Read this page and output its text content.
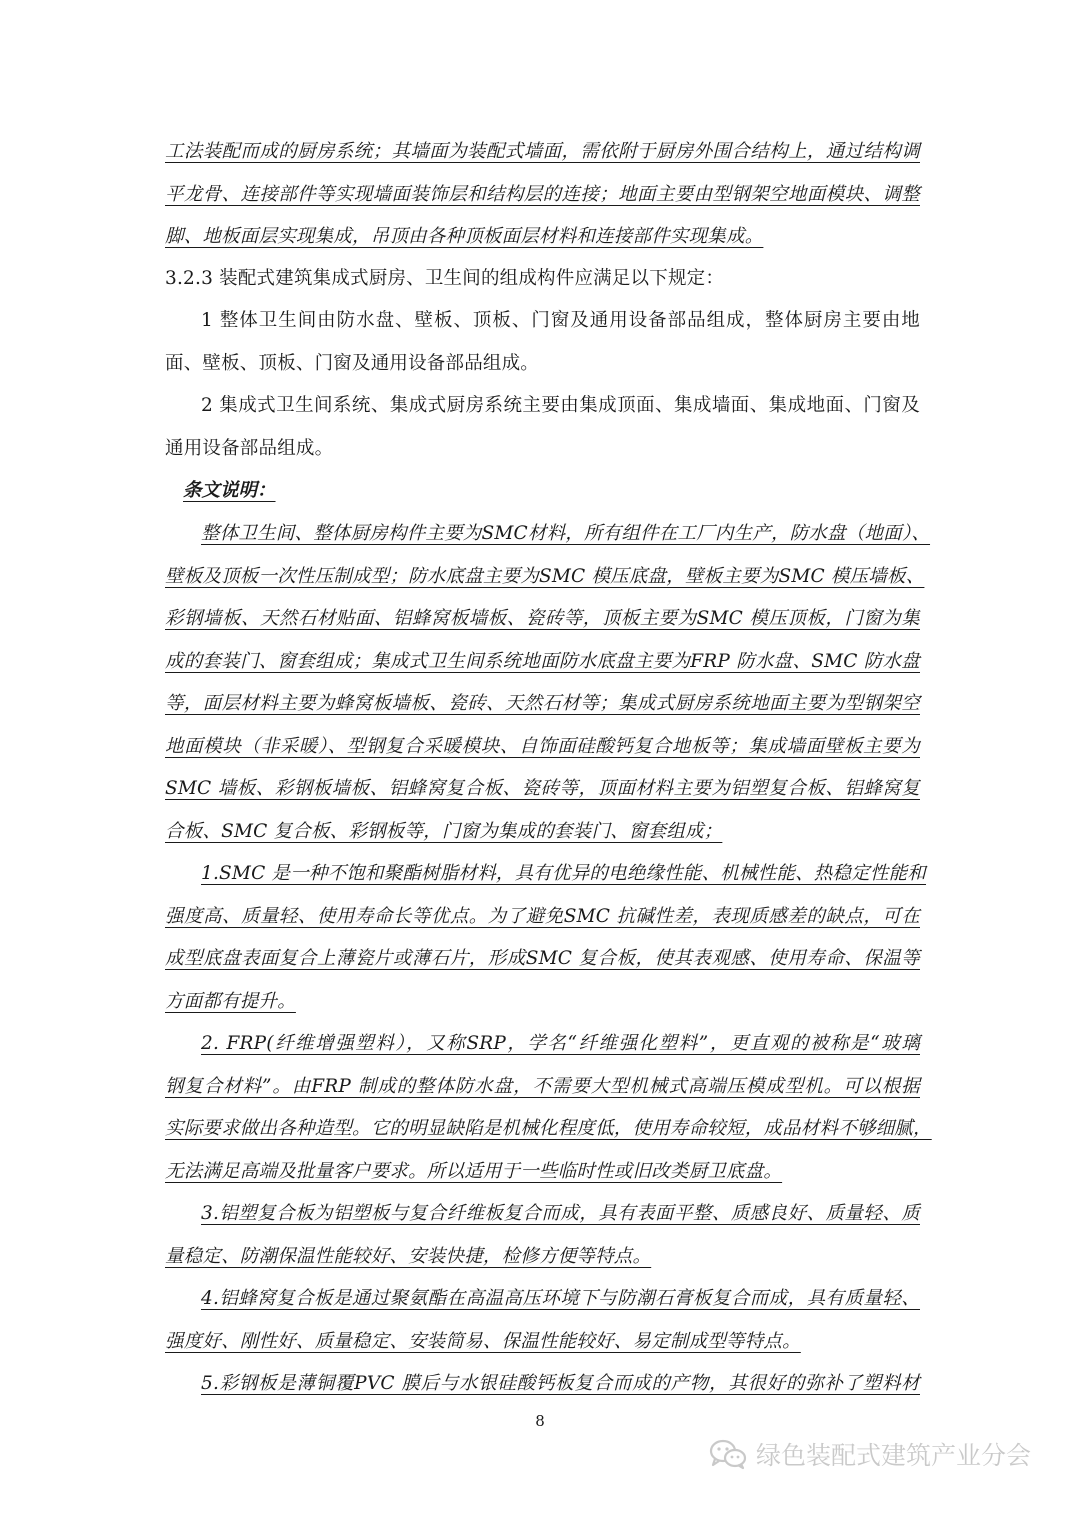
工法装配而成的厨房系统；其墙面为装配式墙面，需依附于厨房外围合结构上，通过结构调
平龙骨、连接部件等实现墙面装饰层和结构层的连接；地面主要由型钢架空地面模块、调整
脚、地板面层实现集成，吊顶由各种顶板面层材料和连接部件实现集成。
3.2.3 装配式建筑集成式厨房、卫生间的组成构件应满足以下规定：
1 整体卫生间由防水盘、壁板、顶板、门窗及通用设备部品组成，整体厨房主要由地
面、壁板、顶板、门窗及通用设备部品组成。
2 集成式卫生间系统、集成式厨房系统主要由集成顶面、集成墙面、集成地面、门窗及
通用设备部品组成。

条文说明：

整体卫生间、整体厨房构件主要为SMC材料，所有组件在工厂内生产，防水盘（地面）、
壁板及顶板一次性压制成型；防水底盘主要为SMC 模压底盘，壁板主要为SMC 模压墙板、
彩钢墙板、天然石材贴面、铝蜂窝板墙板、瓷砖等，顶板主要为SMC 模压顶板，门窗为集
成的套装门、窗套组成；集成式卫生间系统地面防水底盘主要为FRP 防水盘、SMC 防水盘
等，面层材料主要为蜂窝板墙板、瓷砖、天然石材等；集成式厨房系统地面主要为型钢架空
地面模块（非采暖）、型钢复合采暖模块、自饰面硅酸钙复合地板等；集成墙面壁板主要为
SMC 墙板、彩钢板墙板、铝蜂窝复合板、瓷砖等，顶面材料主要为铝塑复合板、铝蜂窝复
合板、SMC 复合板、彩钢板等，门窗为集成的套装门、窗套组成；
1.SMC 是一种不饱和聚酯树脂材料，具有优异的电绝缘性能、机械性能、热稳定性能和
强度高、质量轻、使用寿命长等优点。为了避免SMC 抗碱性差，表现质感差的缺点，可在
成型底盘表面复合上薄瓷片或薄石片，形成SMC 复合板，使其表观感、使用寿命、保温等
方面都有提升。
2. FRP(纤维增强塑料），又称SRP，学名“纤维强化塑料”，更直观的被称是“玻璃
钢复合材料”。由FRP 制成的整体防水盘，不需要大型机械式高端压模成型机。可以根据
实际要求做出各种造型。它的明显缺陷是机械化程度低，使用寿命较短，成品材料不够细腻，
无法满足高端及批量客户要求。所以适用于一些临时性或旧改类厨卫底盘。
3.铝塑复合板为铝塑板与复合纤维板复合而成，具有表面平整、质感良好、质量轻、质
量稳定、防潮保温性能较好、安装快捷，检修方便等特点。
4.铝蜂窝复合板是通过聚氨酯在高温高压环境下与防潮石膏板复合而成，具有质量轻、
强度好、刚性好、质量稳定、安装简易、保温性能较好、易定制成型等特点。
5.彩钢板是薄铜覆PVC 膜后与水银硅酸钙板复合而成的产物，其很好的弥补了塑料材
8
绿色装配式建筑产业分会
